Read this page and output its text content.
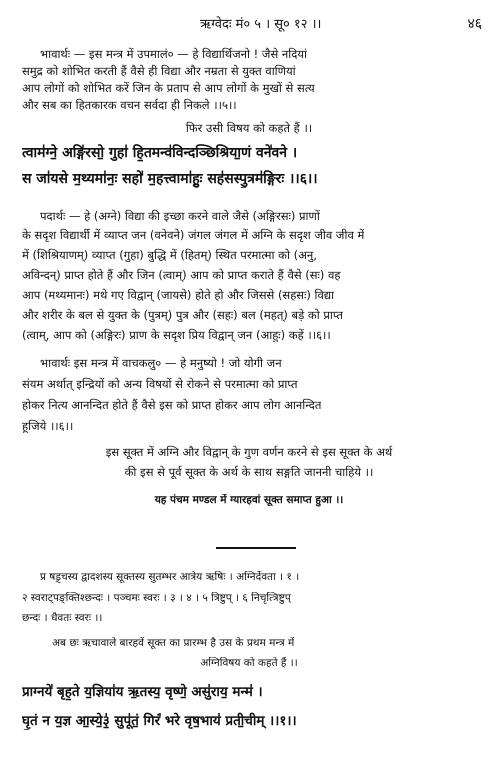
ऋग्वेदः मं० ५ । सू० १२ ।।	४६
भावार्थः — इस मन्त्र में उपमालं० — हे विद्यार्थिजनो ! जैसे नदियां
समुद्र को शोभित करती हैं वैसे ही विद्या और नम्रता से युक्त वाणियां
आप लोगों को शोभित करें जिन के प्रताप से आप लोगों के मुखों से सत्य
और सब का हितकारक वचन सर्वदा ही निकले ।।५।।
फिर उसी विषय को कहते हैं ।।
त्वाम॑ग्ने॒ अङ्गि॑रसो॒ गुहा॑ हि॒तमन्व॑विन्दञ्छिश्रिया॒णं वने॑वने ।
स जा॑यसे म॒थ्यमा॑नः॒ सहो॑ म॒हत्त्वामा॑हुः॒ सह॑सस्पु॒त्रम॑ङ्गिरः ।।६।।
पदार्थः — हे (अग्ने) विद्या की इच्छा करने वाले जैसे (अङ्गिरसः) प्राणों
के सदृश विद्यार्थी में व्याप्त जन (वनेवने) जंगल जंगल में अग्नि के सदृश जीव जीव में
में (शिश्रियाणम्) व्याप्त (गुहा) बुद्धि में (हितम्) स्थित परमात्मा को (अनु,
अविन्दन्) प्राप्त होते हैं और जिन (त्वाम्) आप को प्राप्त कराते हैं वैसे (सः) वह
आप (मथ्यमानः) मथे गए विद्वान् (जायसे) होते हो और जिससे (सहसः) विद्या
और शरीर के बल से युक्त के (पुत्रम्) पुत्र और (सहः) बल (महत्) बड़े को प्राप्त
(त्वाम्, आप को (अङ्गिरः) प्राण के सदृश प्रिय विद्वान् जन (आहुः) कहें ।।६।।
भावार्थः इस मन्त्र में वाचकलु० — हे मनुष्यो ! जो योगी जन
संयम अर्थात् इन्द्रियों को अन्य विषयों से रोकने से परमात्मा को प्राप्त
होकर नित्य आनन्दित होते हैं वैसे इस को प्राप्त होकर आप लोग आनन्दित
हूजिये ।।६।।
इस सूक्त में अग्नि और विद्वान् के गुण वर्णन करने से इस सूक्त के अर्थ
की इस से पूर्व सूक्त के अर्थ के साथ सङ्गति जाननी चाहिये ।।
यह पंचम मण्डल में ग्यारहवां सूक्त समाप्त हुआ ।।
प्र षड़ृचस्य द्वादशस्य सूक्तस्य सुतम्भर आत्रेय ऋषिः । अग्निर्देवता । १ ।
२ स्वराट्पङ्क्तिश्छन्दः । पञ्चमः स्वरः । ३ । ४ । ५ त्रिष्टुप् । ६ निचृत्त्रिष्टुप्
छन्दः । धैवतः स्वरः ।।
अब छः ऋचावाले बारहवें सूक्त का प्रारम्भ है उस के प्रथम मन्त्र में
अग्निविषय को कहते हैं ।।
प्राग्नये॑ बृह॒ते य॒ज्ञिया॑य ऋ॒तस्य॒ वृष्णे॒ असु॑राय॒ मन्म॑ ।
घृ॒तं न य॒ज्ञ आ॒स्ये॒३॒॑ सुपू॑तं॒ गिरं॑ भरे वृष॒भाय॑ प्रती॒चीम् ।।१।।
